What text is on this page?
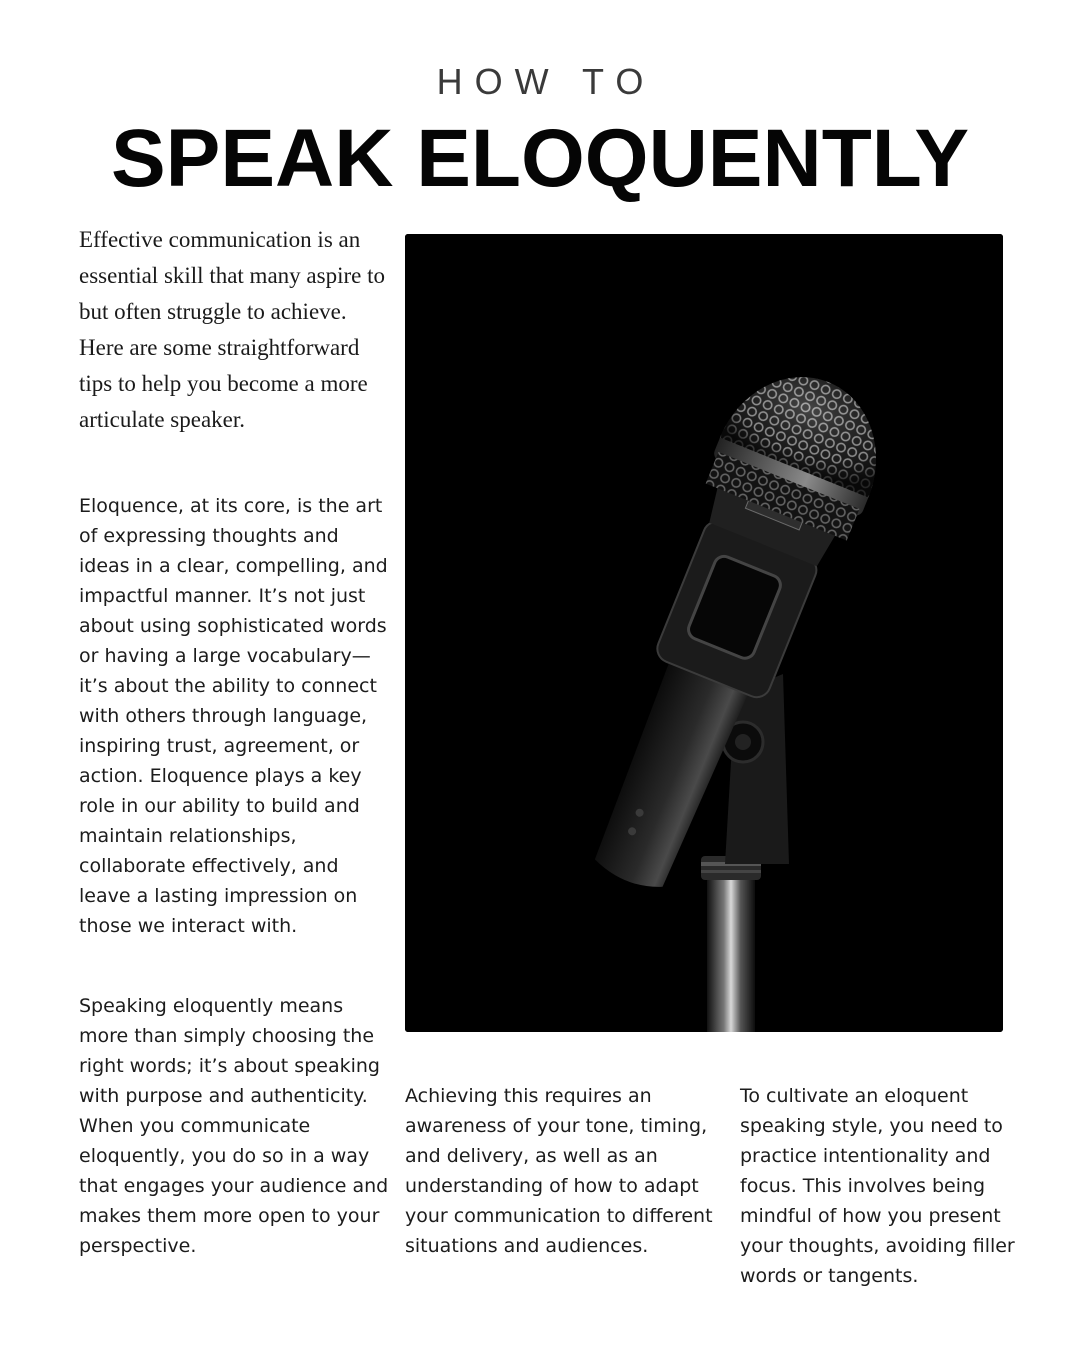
HOW TO
SPEAK ELOQUENTLY

Effective communication is an essential skill that many aspire to but often struggle to achieve. Here are some straightforward tips to help you become a more articulate speaker.

Eloquence, at its core, is the art of expressing thoughts and ideas in a clear, compelling, and impactful manner. It’s not just about using sophisticated words or having a large vocabulary—it’s about the ability to connect with others through language, inspiring trust, agreement, or action. Eloquence plays a key role in our ability to build and maintain relationships, collaborate effectively, and leave a lasting impression on those we interact with.

Speaking eloquently means more than simply choosing the right words; it’s about speaking with purpose and authenticity. When you communicate eloquently, you do so in a way that engages your audience and makes them more open to your perspective.

Achieving this requires an awareness of your tone, timing, and delivery, as well as an understanding of how to adapt your communication to different situations and audiences.

To cultivate an eloquent speaking style, you need to practice intentionality and focus. This involves being mindful of how you present your thoughts, avoiding filler words or tangents.
